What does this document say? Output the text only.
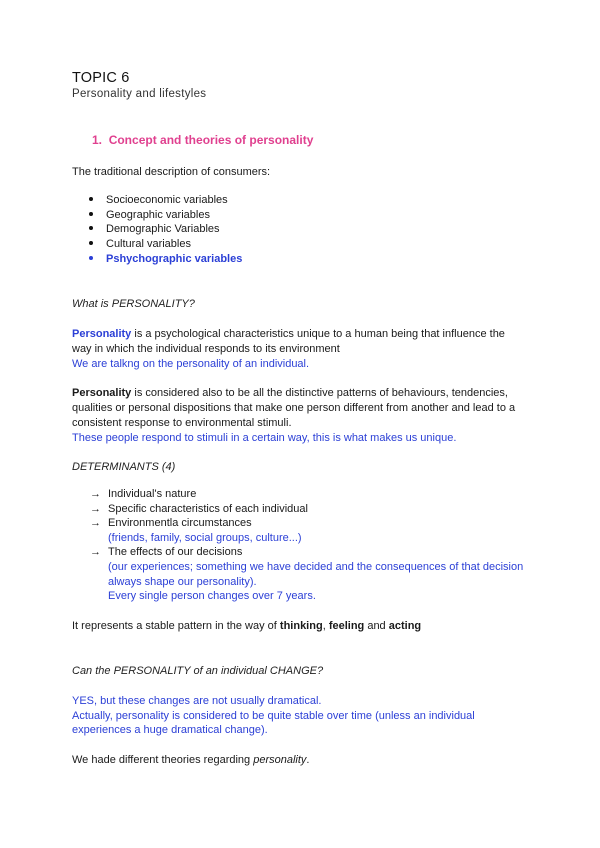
TOPIC 6
Personality and lifestyles
1. Concept and theories of personality
The traditional description of consumers:
Socioeconomic variables
Geographic variables
Demographic Variables
Cultural variables
Pshychographic variables
What is PERSONALITY?
Personality is a psychological characteristics unique to a human being that influence the
way in which the individual responds to its environment
We are talkng on the personality of an individual.
Personality is considered also to be all the distinctive patterns of behaviours, tendencies,
qualities or personal dispositions that make one person different from another and lead to a
consistent response to environmental stimuli.
These people respond to stimuli in a certain way, this is what makes us unique.
DETERMINANTS (4)
→ Individual's nature
→ Specific characteristics of each individual
→ Environmentla circumstances
(friends, family, social groups, culture...)
→ The effects of our decisions
(our experiences; something we have decided and the consequences of that decision
always shape our personality).
Every single person changes over 7 years.
It represents a stable pattern in the way of thinking, feeling and acting
Can the PERSONALITY of an individual CHANGE?
YES, but these changes are not usually dramatical.
Actually, personality is considered to be quite stable over time (unless an individual
experiences a huge dramatical change).
We hade different theories regarding personality.
